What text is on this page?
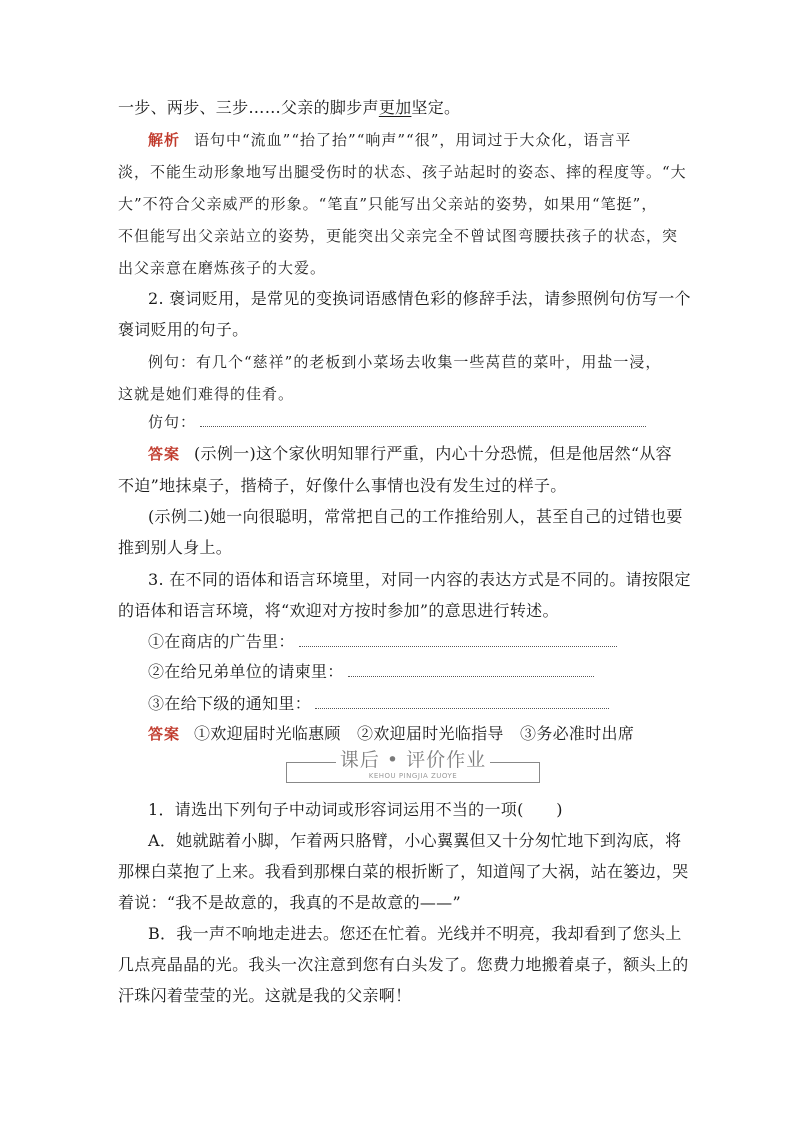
一步、两步、三步……父亲的脚步声更加坚定。
解析 语句中“流血”“抬了抬”“响声”“很”，用词过于大众化，语言平
淡，不能生动形象地写出腿受伤时的状态、孩子站起时的姿态、摔的程度等。“大
大”不符合父亲威严的形象。“笔直”只能写出父亲站的姿势，如果用“笔挺”，
不但能写出父亲站立的姿势，更能突出父亲完全不曾试图弯腰扶孩子的状态，突
出父亲意在磨炼孩子的大爱。
2. 褒词贬用，是常见的变换词语感情色彩的修辞手法，请参照例句仿写一个
褒词贬用的句子。
例句：有几个“慈祥”的老板到小菜场去收集一些莴苣的菜叶，用盐一浸，
这就是她们难得的佳肴。
仿句：
答案 (示例一)这个家伙明知罪行严重，内心十分恐慌，但是他居然“从容
不迫”地抹桌子，揩椅子，好像什么事情也没有发生过的样子。
(示例二)她一向很聪明，常常把自己的工作推给别人，甚至自己的过错也要
推到别人身上。
3. 在不同的语体和语言环境里，对同一内容的表达方式是不同的。请按限定
的语体和语言环境，将“欢迎对方按时参加”的意思进行转述。
①在商店的广告里：
②在给兄弟单位的请柬里：
③在给下级的通知里：
答案 ①欢迎届时光临惠顾　②欢迎届时光临指导　③务必准时出席
课后 • 评价作业
KEHOU PINGJIA ZUOYE
1．请选出下列句子中动词或形容词运用不当的一项(　　)
A．她就踮着小脚，乍着两只胳臂，小心翼翼但又十分匆忙地下到沟底，将
那棵白菜抱了上来。我看到那棵白菜的根折断了，知道闯了大祸，站在篓边，哭
着说：“我不是故意的，我真的不是故意的——”
B．我一声不响地走进去。您还在忙着。光线并不明亮，我却看到了您头上
几点亮晶晶的光。我头一次注意到您有白头发了。您费力地搬着桌子，额头上的
汗珠闪着莹莹的光。这就是我的父亲啊！
